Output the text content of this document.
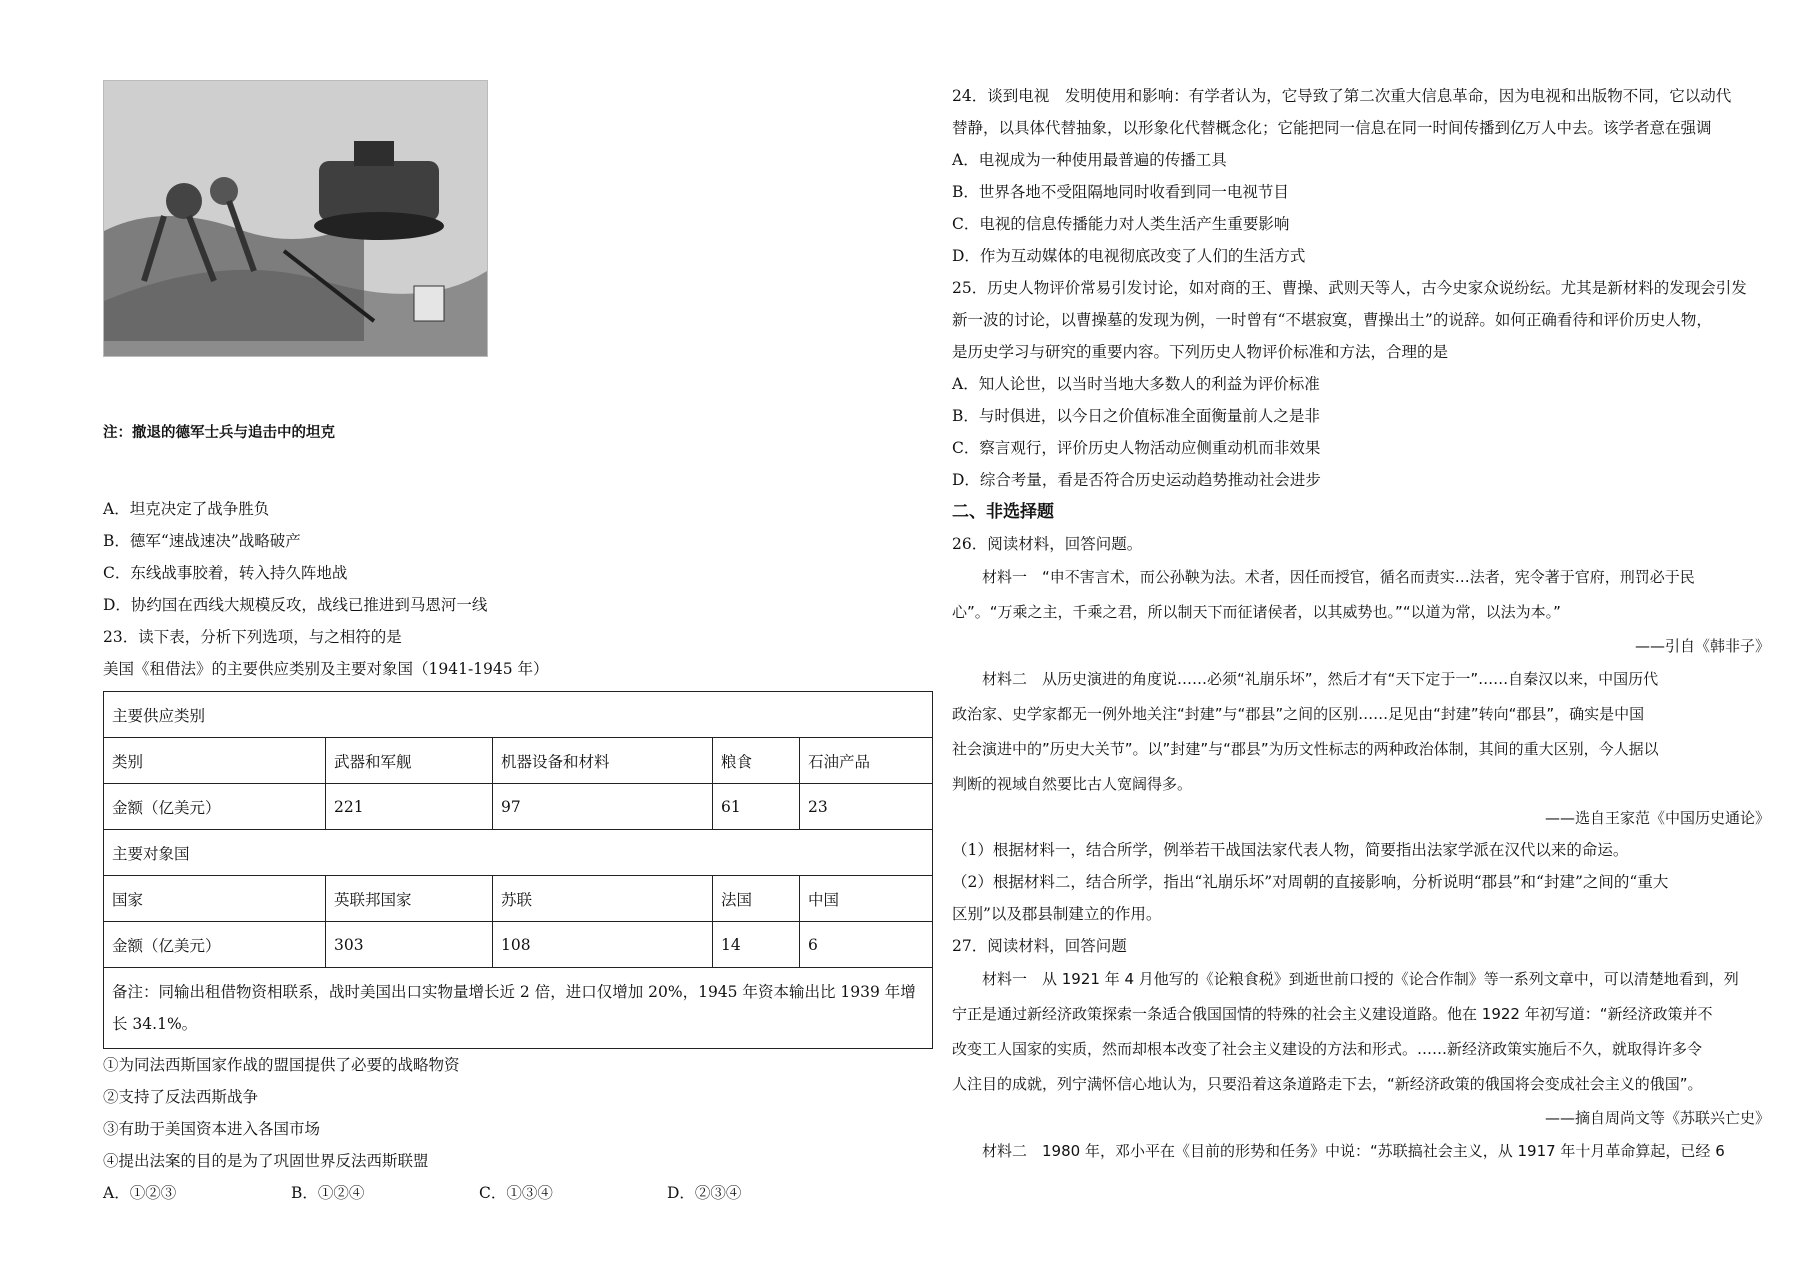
注：撤退的德军士兵与追击中的坦克
A．坦克决定了战争胜负
B．德军“速战速决”战略破产
C．东线战事胶着，转入持久阵地战
D．协约国在西线大规模反攻，战线已推进到马恩河一线
23．读下表，分析下列选项，与之相符的是
美国《租借法》的主要供应类别及主要对象国（1941-1945 年）
主要供应类别				
类别	武器和军舰	机器设备和材料	粮食	石油产品
金额（亿美元）	221	97	61	23
主要对象国				
国家	英联邦国家	苏联	法国	中国
金额（亿美元）	303	108	14	6
备注：同输出租借物资相联系，战时美国出口实物量增长近 2 倍，进口仅增加 20%，1945 年资本输出比 1939 年增长 34.1%。				
①为同法西斯国家作战的盟国提供了必要的战略物资
②支持了反法西斯战争
③有助于美国资本进入各国市场
④提出法案的目的是为了巩固世界反法西斯联盟
A．①②③	B．①②④	C．①③④	D．②③④
24．谈到电视　发明使用和影响：有学者认为，它导致了第二次重大信息革命，因为电视和出版物不同，它以动代
替静，以具体代替抽象，以形象化代替概念化；它能把同一信息在同一时间传播到亿万人中去。该学者意在强调
A．电视成为一种使用最普遍的传播工具
B．世界各地不受阻隔地同时收看到同一电视节目
C．电视的信息传播能力对人类生活产生重要影响
D．作为互动媒体的电视彻底改变了人们的生活方式
25．历史人物评价常易引发讨论，如对商的王、曹操、武则天等人，古今史家众说纷纭。尤其是新材料的发现会引发
新一波的讨论，以曹操墓的发现为例，一时曾有“不堪寂寞，曹操出土”的说辞。如何正确看待和评价历史人物，
是历史学习与研究的重要内容。下列历史人物评价标准和方法，合理的是
A．知人论世，以当时当地大多数人的利益为评价标准
B．与时俱进，以今日之价值标准全面衡量前人之是非
C．察言观行，评价历史人物活动应侧重动机而非效果
D．综合考量，看是否符合历史运动趋势推动社会进步
二、非选择题
26．阅读材料，回答问题。
材料一　“申不害言术，而公孙鞅为法。术者，因任而授官，循名而责实…法者，宪令著于官府，刑罚必于民
心”。“万乘之主，千乘之君，所以制天下而征诸侯者，以其威势也。”“以道为常，以法为本。”
——引自《韩非子》
材料二　从历史演进的角度说……必须“礼崩乐坏”，然后才有“天下定于一”……自秦汉以来，中国历代
政治家、史学家都无一例外地关注“封建”与“郡县”之间的区别……足见由“封建”转向“郡县”，确实是中国
社会演进中的”历史大关节”。以”封建”与“郡县”为历文性标志的两种政治体制，其间的重大区别，今人据以
判断的视域自然要比古人宽阔得多。
——选自王家范《中国历史通论》
（1）根据材料一，结合所学，例举若干战国法家代表人物，简要指出法家学派在汉代以来的命运。
（2）根据材料二，结合所学，指出“礼崩乐坏”对周朝的直接影响，分析说明“郡县”和“封建”之间的“重大
区别”以及郡县制建立的作用。
27．阅读材料，回答问题
材料一　从 1921 年 4 月他写的《论粮食税》到逝世前口授的《论合作制》等一系列文章中，可以清楚地看到，列
宁正是通过新经济政策探索一条适合俄国国情的特殊的社会主义建设道路。他在 1922 年初写道：“新经济政策并不
改变工人国家的实质，然而却根本改变了社会主义建设的方法和形式。……新经济政策实施后不久，就取得许多令
人注目的成就，列宁满怀信心地认为，只要沿着这条道路走下去，“新经济政策的俄国将会变成社会主义的俄国”。
——摘自周尚文等《苏联兴亡史》
材料二　1980 年，邓小平在《目前的形势和任务》中说：“苏联搞社会主义，从 1917 年十月革命算起，已经 6
